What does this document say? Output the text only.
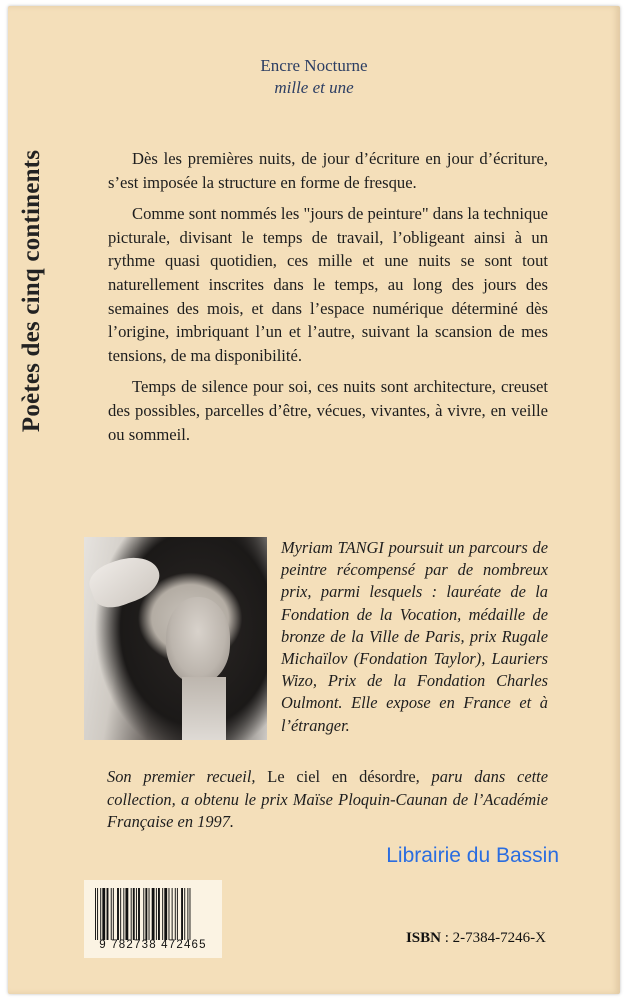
Poètes des cinq continents
Encre Nocturne
mille et une

Dès les premières nuits, de jour d’écriture en jour d’écriture, s’est imposée la structure en forme de fresque.

Comme sont nommés les "jours de peinture" dans la technique picturale, divisant le temps de travail, l’obligeant ainsi à un rythme quasi quotidien, ces mille et une nuits se sont tout naturellement inscrites dans le temps, au long des jours des semaines des mois, et dans l’espace numérique déterminé dès l’origine, imbriquant l’un et l’autre, suivant la scansion de mes tensions, de ma disponibilité.

Temps de silence pour soi, ces nuits sont architecture, creuset des possibles, parcelles d’être, vécues, vivantes, à vivre, en veille ou sommeil.

Myriam TANGI poursuit un parcours de peintre récompensé par de nombreux prix, parmi lesquels : lauréate de la Fondation de la Vocation, médaille de bronze de la Ville de Paris, prix Rugale Michaïlov (Fondation Taylor), Lauriers Wizo, Prix de la Fondation Charles Oulmont. Elle expose en France et à l’étranger.
Son premier recueil, Le ciel en désordre, paru dans cette collection, a obtenu le prix Maïse Ploquin-Caunan de l’Académie Française en 1997.
Librairie du Bassin
9 782738 472465	ISBN : 2-7384-7246-X
